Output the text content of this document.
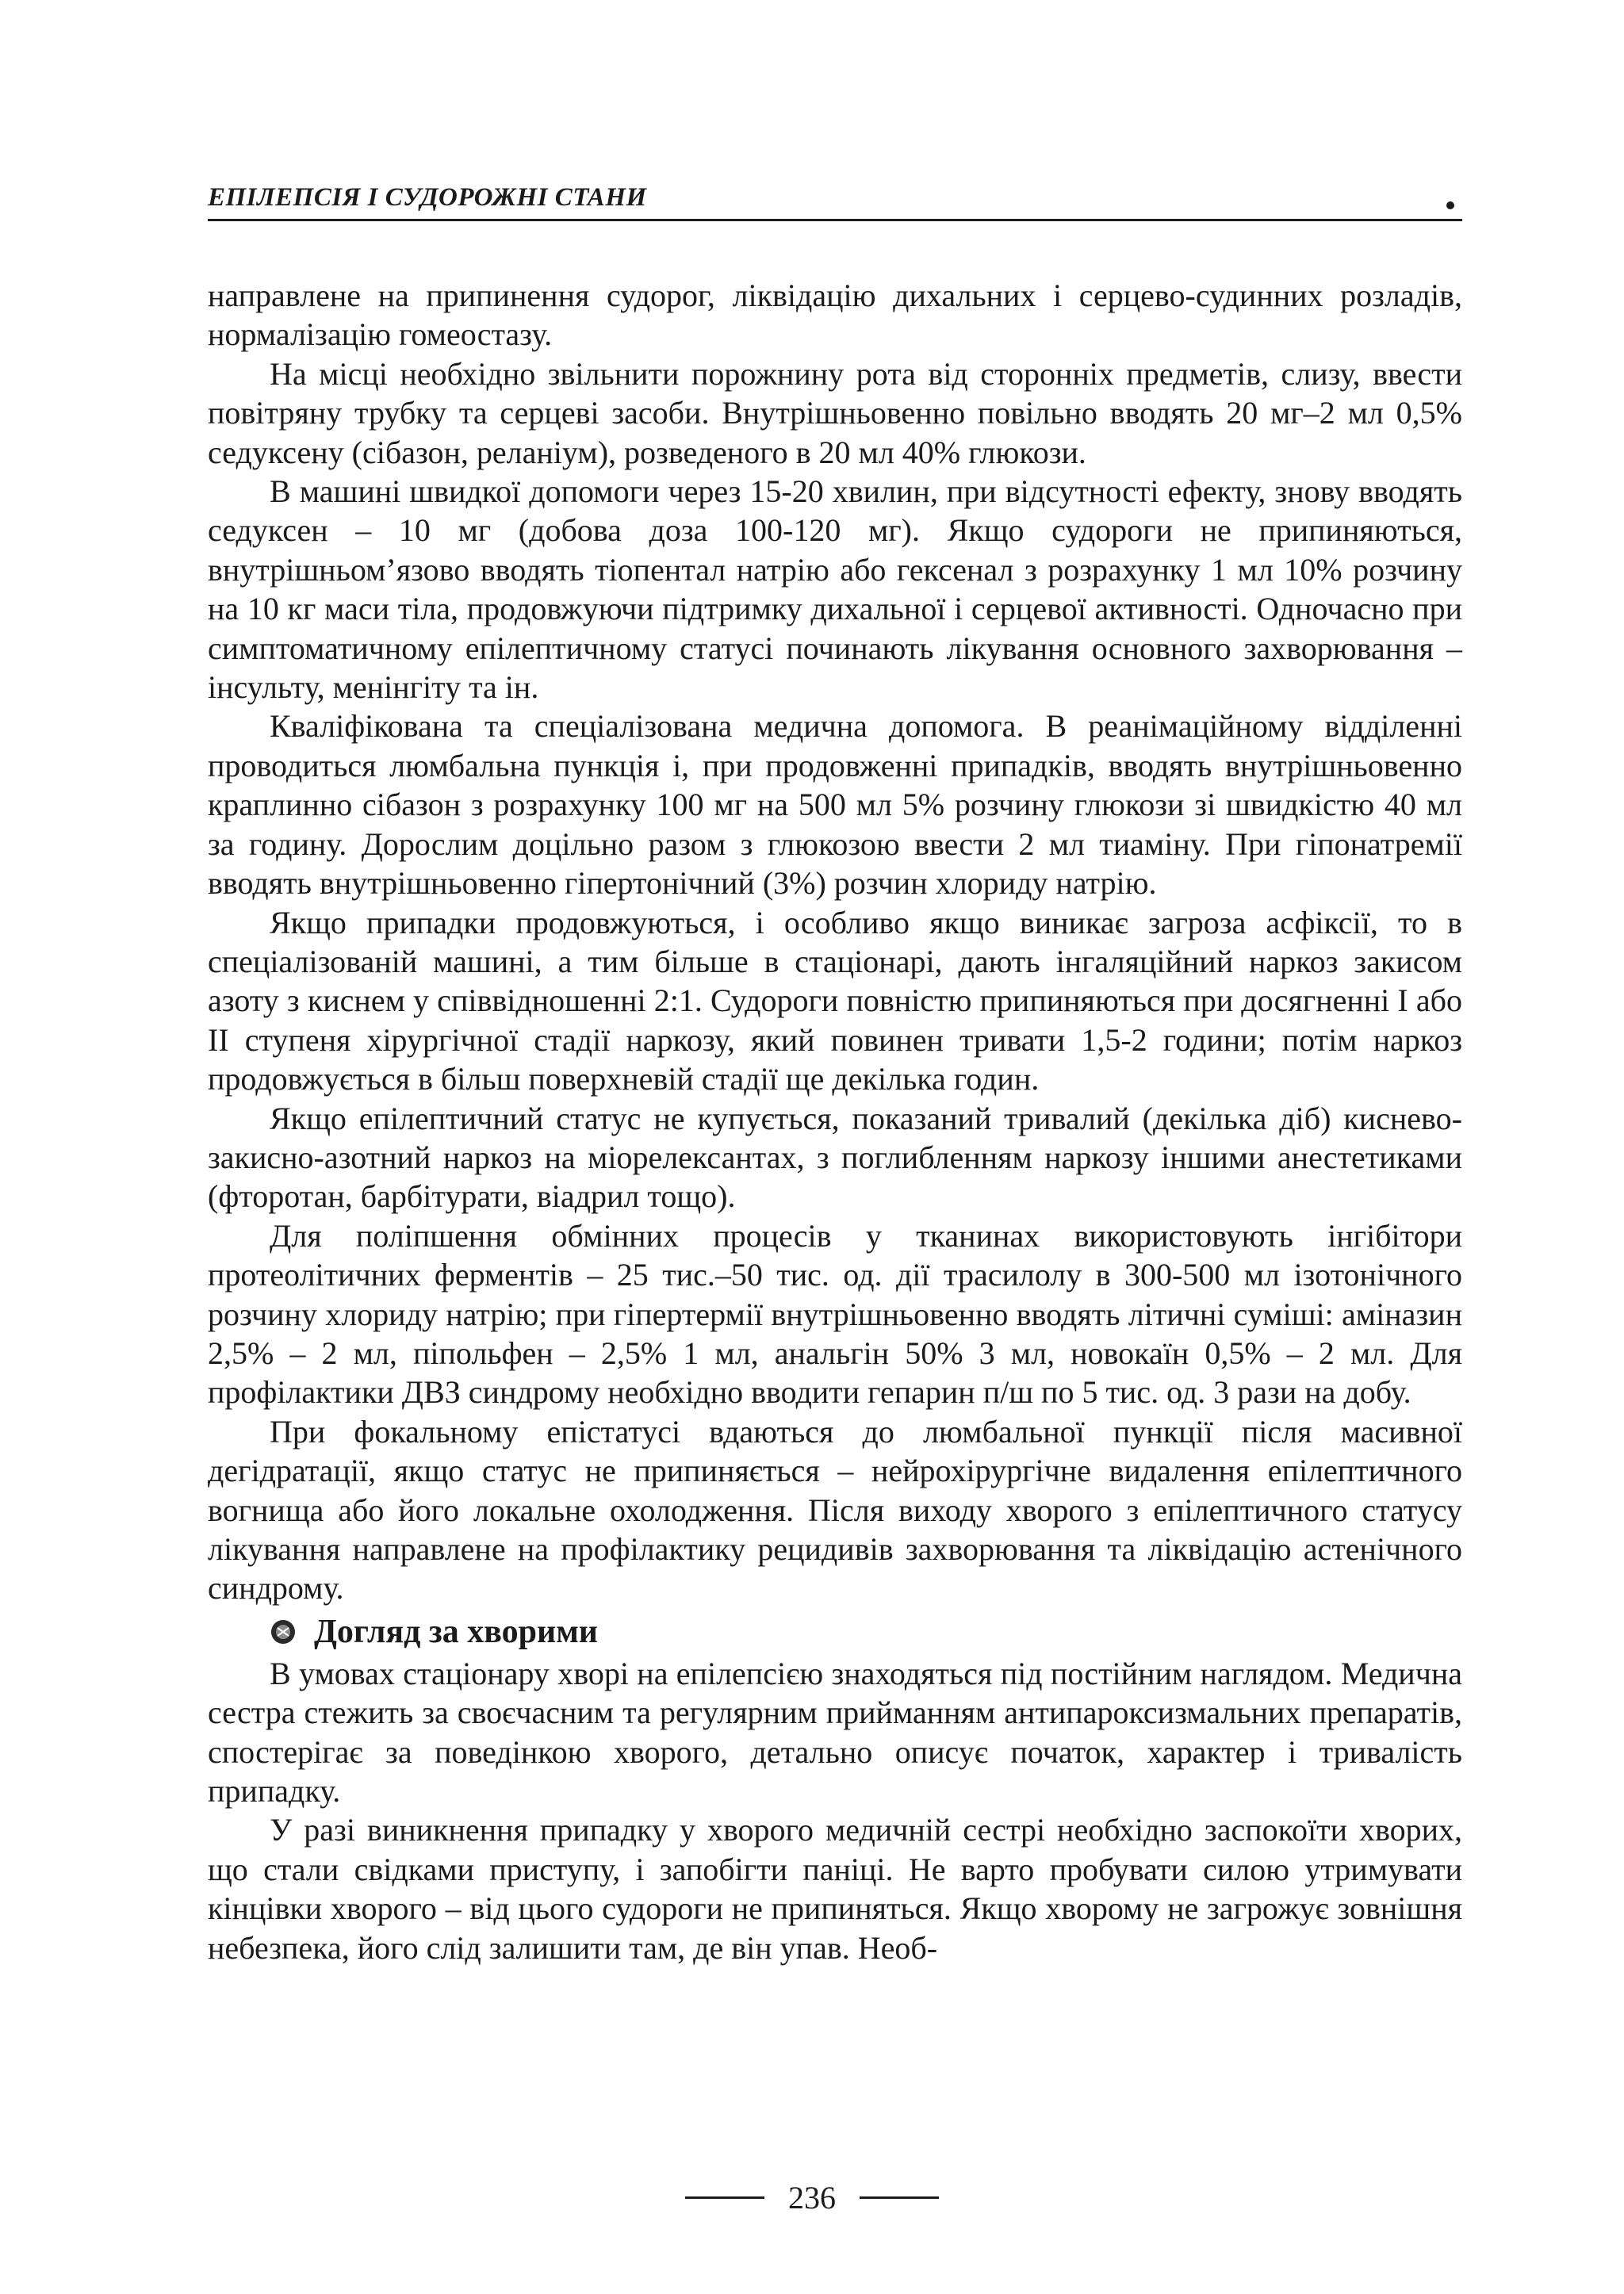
ЕПІЛЕПСІЯ І СУДОРОЖНІ СТАНИ

направлене на припинення судорог, ліквідацію дихальних і серцево-судинних розладів, нормалізацію гомеостазу.

На місці необхідно звільнити порожнину рота від сторонніх предметів, слизу, ввести повітряну трубку та серцеві засоби. Внутрішньовенно повільно вводять 20 мг–2 мл 0,5% седуксену (сібазон, реланіум), розведеного в 20 мл 40% глюкози.

В машині швидкої допомоги через 15-20 хвилин, при відсутності ефекту, знову вводять седуксен – 10 мг (добова доза 100-120 мг). Якщо судороги не припиняються, внутрішньом’язово вводять тіопентал натрію або гексенал з розрахунку 1 мл 10% розчину на 10 кг маси тіла, продовжуючи підтримку дихальної і серцевої активності. Одночасно при симптоматичному епілептичному статусі починають лікування основного захворювання – інсульту, менінгіту та ін.

Кваліфікована та спеціалізована медична допомога. В реанімаційному відділенні проводиться люмбальна пункція і, при продовженні припадків, вводять внутрішньовенно краплинно сібазон з розрахунку 100 мг на 500 мл 5% розчину глюкози зі швидкістю 40 мл за годину. Дорослим доцільно разом з глюкозою ввести 2 мл тиаміну. При гіпонатремії вводять внутрішньовенно гіпертонічний (3%) розчин хлориду натрію.

Якщо припадки продовжуються, і особливо якщо виникає загроза асфіксії, то в спеціалізованій машині, а тим більше в стаціонарі, дають інгаляційний наркоз закисом азоту з киснем у співвідношенні 2:1. Судороги повністю припиняються при досягненні I або II ступеня хірургічної стадії наркозу, який повинен тривати 1,5-2 години; потім наркоз продовжується в більш поверхневій стадії ще декілька годин.

Якщо епілептичний статус не купується, показаний тривалий (декілька діб) киснево-закисно-азотний наркоз на міорелексантах, з поглибленням наркозу іншими анестетиками (фторотан, барбітурати, віадрил тощо).

Для поліпшення обмінних процесів у тканинах використовують інгібітори протеолітичних ферментів – 25 тис.–50 тис. од. дії трасилолу в 300-500 мл ізотонічного розчину хлориду натрію; при гіпертермії внутрішньовенно вводять літичні суміші: аміназин 2,5% – 2 мл, піпольфен – 2,5% 1 мл, анальгін 50% 3 мл, новокаїн 0,5% – 2 мл. Для профілактики ДВЗ синдрому необхідно вводити гепарин п/ш по 5 тис. од. 3 рази на добу.

При фокальному епістатусі вдаються до люмбальної пункції після масивної дегідратації, якщо статус не припиняється – нейрохірургічне видалення епілептичного вогнища або його локальне охолодження. Після виходу хворого з епілептичного статусу лікування направлене на профілактику рецидивів захворювання та ліквідацію астенічного синдрому.

Догляд за хворими

В умовах стаціонару хворі на епілепсією знаходяться під постійним наглядом. Медична сестра стежить за своєчасним та регулярним прийманням антипароксизмальних препаратів, спостерігає за поведінкою хворого, детально описує початок, характер і тривалість припадку.

У разі виникнення припадку у хворого медичній сестрі необхідно заспокоїти хворих, що стали свідками приступу, і запобігти паніці. Не варто пробувати силою утримувати кінцівки хворого – від цього судороги не припиняться. Якщо хворому не загрожує зовнішня небезпека, його слід залишити там, де він упав. Необ-

236
